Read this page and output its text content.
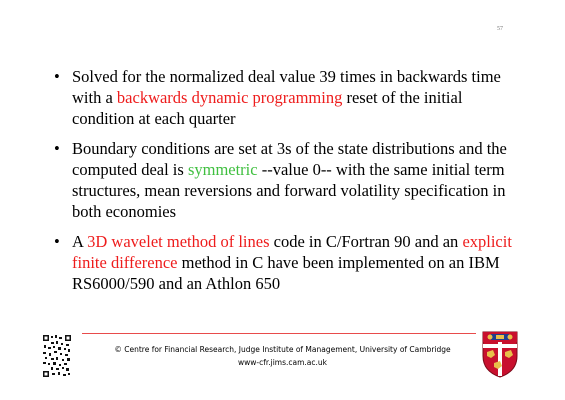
57
• Solved for the normalized deal value 39 times in backwards time with a backwards dynamic programming reset of the initial condition at each quarter
• Boundary conditions are set at 3s of the state distributions and the computed deal is symmetric --value 0-- with the same initial term structures, mean reversions and forward volatility specification in both economies
• A 3D wavelet method of lines code in C/Fortran 90 and an explicit finite difference method in C have been implemented on an IBM RS6000/590 and an Athlon 650
© Centre for Financial Research, Judge Institute of Management, University of Cambridge
www-cfr.jims.cam.ac.uk
